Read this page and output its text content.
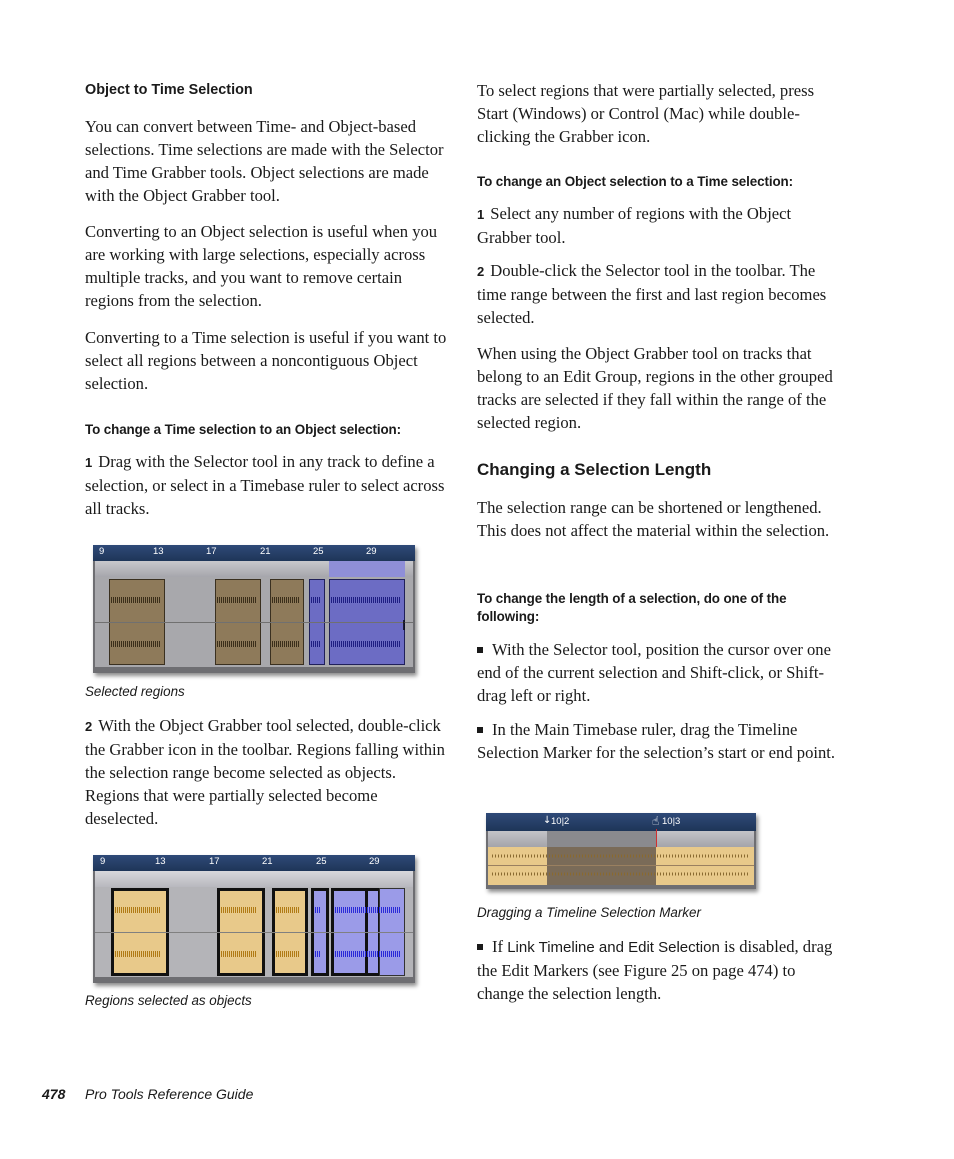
Object to Time Selection

You can convert between Time- and Object-based selections. Time selections are made with the Selector and Time Grabber tools. Object selections are made with the Object Grabber tool.

Converting to an Object selection is useful when you are working with large selections, especially across multiple tracks, and you want to remove certain regions from the selection.

Converting to a Time selection is useful if you want to select all regions between a noncontiguous Object selection.

To change a Time selection to an Object selection:

1 Drag with the Selector tool in any track to define a selection, or select in a Timebase ruler to select across all tracks.

9	13	17	21	25	29
I
Selected regions

2 With the Object Grabber tool selected, double-click the Grabber icon in the toolbar. Regions falling within the selection range become selected as objects. Regions that were partially selected become deselected.

9	13	17	21	25	29
Regions selected as objects

To select regions that were partially selected, press Start (Windows) or Control (Mac) while double-clicking the Grabber icon.

To change an Object selection to a Time selection:

1 Select any number of regions with the Object Grabber tool.

2 Double-click the Selector tool in the toolbar. The time range between the first and last region becomes selected.

When using the Object Grabber tool on tracks that belong to an Edit Group, regions in the other grouped tracks are selected if they fall within the range of the selected region.

Changing a Selection Length

The selection range can be shortened or lengthened. This does not affect the material within the selection.

To change the length of a selection, do one of the following:

With the Selector tool, position the cursor over one end of the current selection and Shift-click, or Shift-drag left or right.

In the Main Timebase ruler, drag the Timeline Selection Marker for the selection’s start or end point.

↓ 10|2	☝ 10|3
Dragging a Timeline Selection Marker

If Link Timeline and Edit Selection is disabled, drag the Edit Markers (see Figure 25 on page 474) to change the selection length.

478 Pro Tools Reference Guide
